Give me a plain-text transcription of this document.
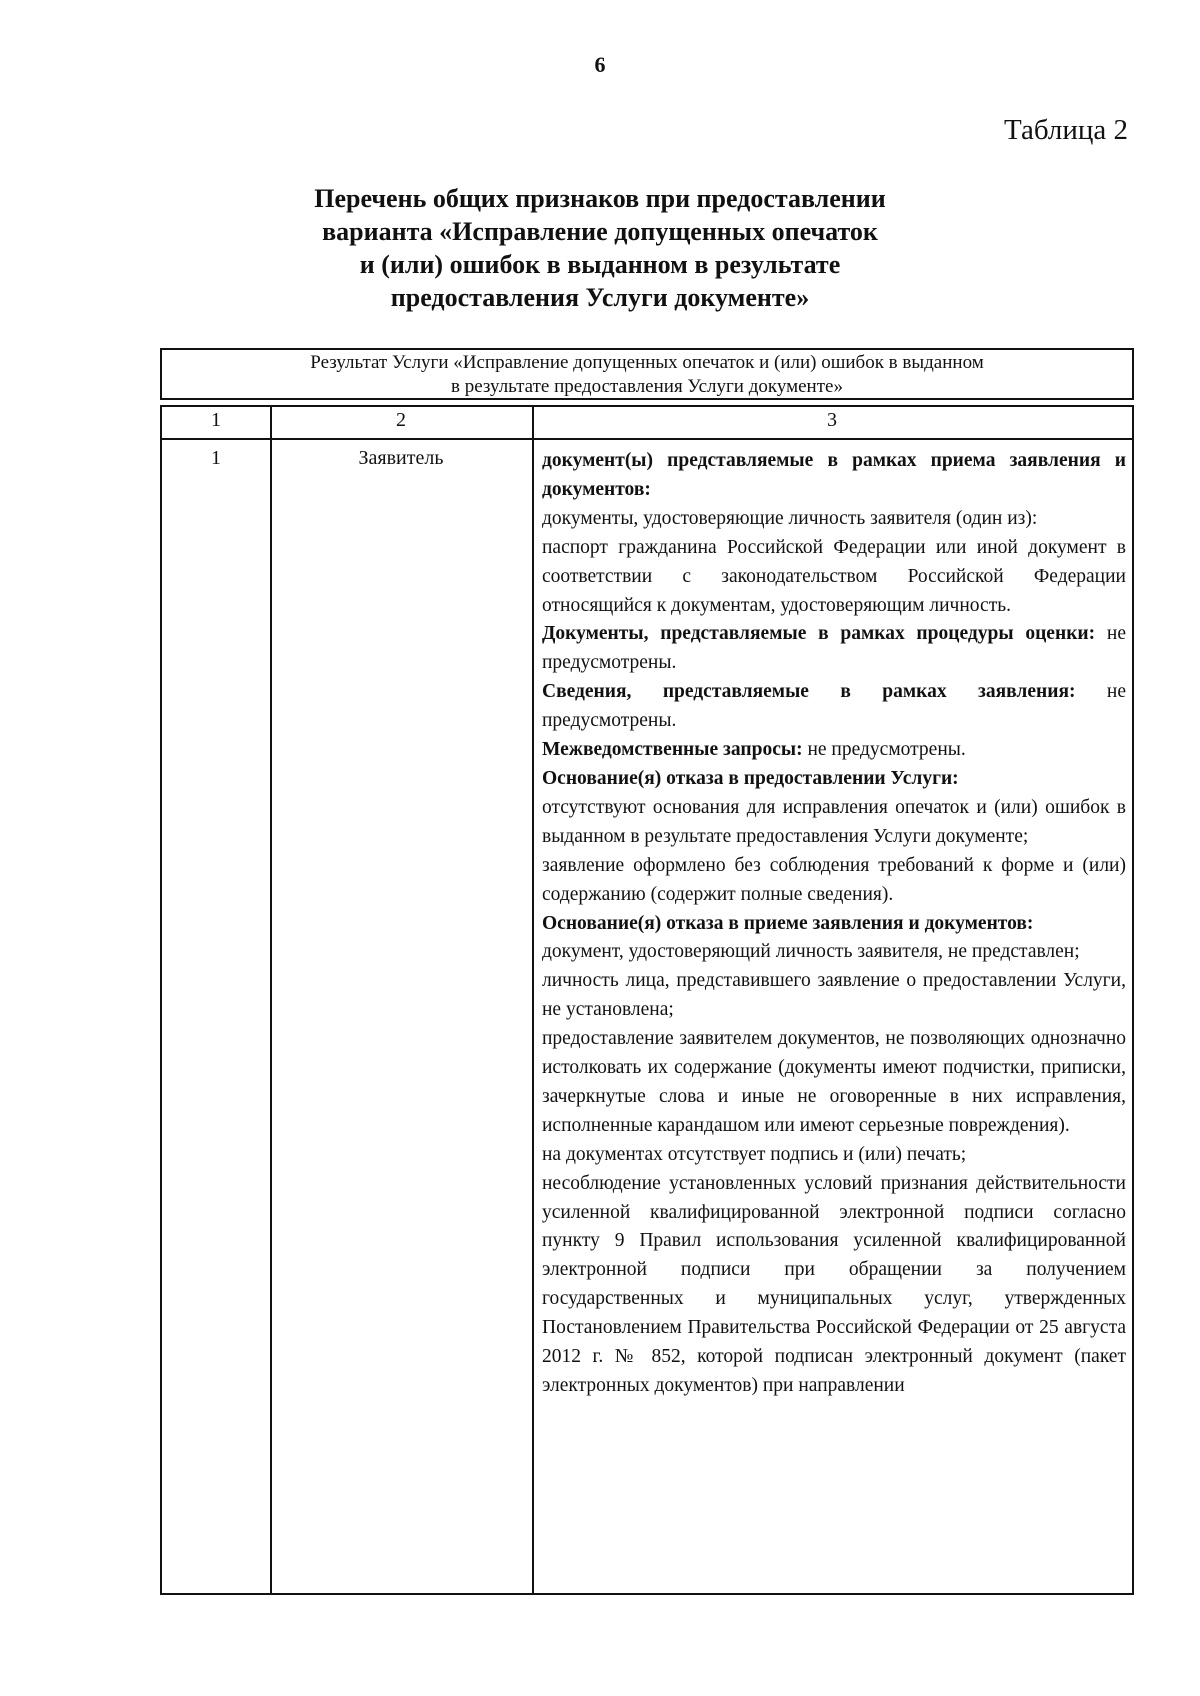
6
Таблица 2
Перечень общих признаков при предоставлении
варианта «Исправление допущенных опечаток
и (или) ошибок в выданном в результате
предоставления Услуги документе»
Результат Услуги «Исправление допущенных опечаток и (или) ошибок в выданном
в результате предоставления Услуги документе»
1	2	3
1	Заявитель	документ(ы) представляемые в рамках приема заявления и документов:
документы, удостоверяющие личность заявителя (один из):
паспорт гражданина Российской Федерации или иной документ в соответствии с законодательством Российской Федерации относящийся к документам, удостоверяющим личность.
Документы, представляемые в рамках процедуры оценки: не предусмотрены.
Сведения, представляемые в рамках заявления: не предусмотрены.
Межведомственные запросы: не предусмотрены.
Основание(я) отказа в предоставлении Услуги:
отсутствуют основания для исправления опечаток и (или) ошибок в выданном в результате предоставления Услуги документе;
заявление оформлено без соблюдения требований к форме и (или) содержанию (содержит полные сведения).
Основание(я) отказа в приеме заявления и документов:
документ, удостоверяющий личность заявителя, не представлен;
личность лица, представившего заявление о предоставлении Услуги, не установлена;
предоставление заявителем документов, не позволяющих однозначно истолковать их содержание (документы имеют подчистки, приписки, зачеркнутые слова и иные не оговоренные в них исправления, исполненные карандашом или имеют серьезные повреждения).
на документах отсутствует подпись и (или) печать;
несоблюдение установленных условий признания действительности усиленной квалифицированной электронной подписи согласно пункту 9 Правил использования усиленной квалифицированной электронной подписи при обращении за получением государственных и муниципальных услуг, утвержденных Постановлением Правительства Российской Федерации от 25 августа 2012 г. № 852, которой подписан электронный документ (пакет электронных документов) при направлении
